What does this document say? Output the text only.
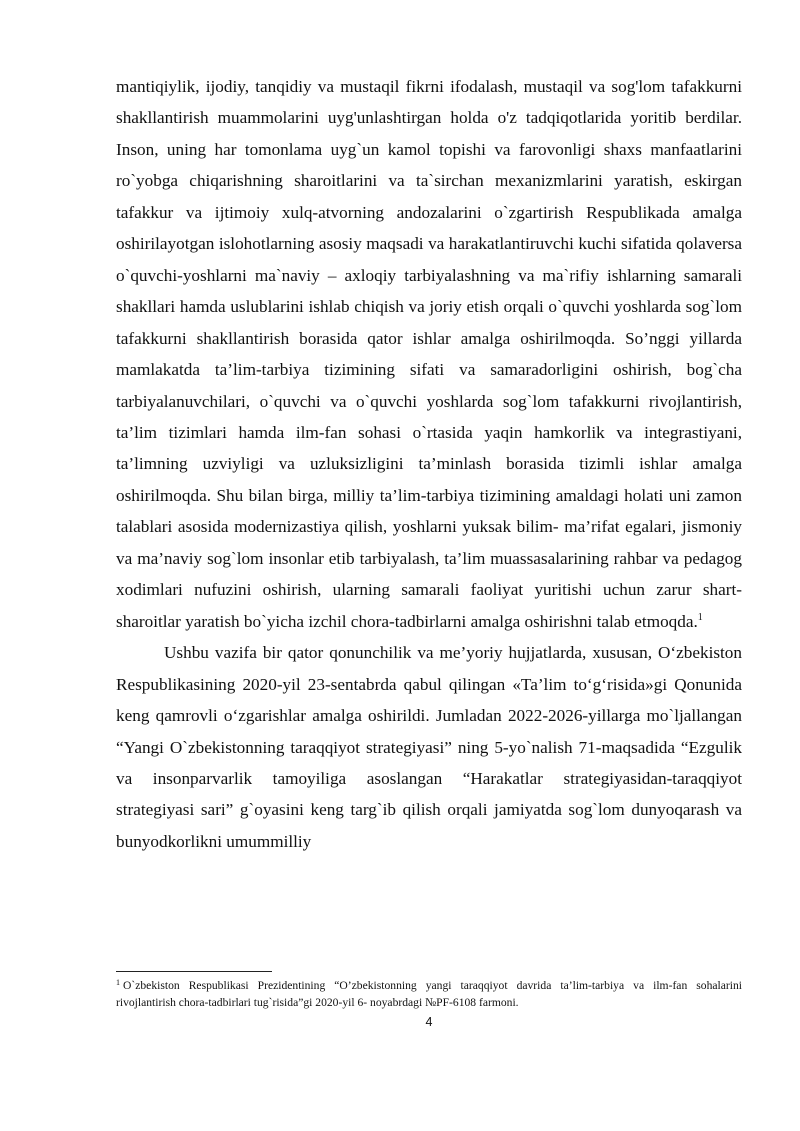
mantiqiylik, ijodiy, tanqidiy va mustaqil fikrni ifodalash, mustaqil va sog'lom tafakkurni shakllantirish muammolarini uyg'unlashtirgan holda o'z tadqiqotlarida yoritib berdilar. Inson, uning har tomonlama uyg`un kamol topishi va farovonligi shaxs manfaatlarini ro`yobga chiqarishning sharoitlarini va ta`sirchan mexanizmlarini yaratish, eskirgan tafakkur va ijtimoiy xulq-atvorning andozalarini o`zgartirish Respublikada amalga oshirilayotgan islohotlarning asosiy maqsadi va harakatlantiruvchi kuchi sifatida qolaversa o`quvchi-yoshlarni ma`naviy – axloqiy tarbiyalashning va ma`rifiy ishlarning samarali shakllari hamda uslublarini ishlab chiqish va joriy etish orqali o`quvchi yoshlarda sog`lom tafakkurni shakllantirish borasida qator ishlar amalga oshirilmoqda. So’nggi yillarda mamlakatda ta’lim-tarbiya tizimining sifati va samaradorligini oshirish, bog`cha tarbiyalanuvchilari, o`quvchi va o`quvchi yoshlarda sog`lom tafakkurni rivojlantirish, ta’lim tizimlari hamda ilm-fan sohasi o`rtasida yaqin hamkorlik va integrastiyani, ta’limning uzviyligi va uzluksizligini ta’minlash borasida tizimli ishlar amalga oshirilmoqda. Shu bilan birga, milliy ta’lim-tarbiya tizimining amaldagi holati uni zamon talablari asosida modernizastiya qilish, yoshlarni yuksak bilim- ma’rifat egalari, jismoniy va ma’naviy sog`lom insonlar etib tarbiyalash, ta’lim muassasalarining rahbar va pedagog xodimlari nufuzini oshirish, ularning samarali faoliyat yuritishi uchun zarur shart-sharoitlar yaratish bo`yicha izchil chora-tadbirlarni amalga oshirishni talab etmoqda.$^1$

Ushbu vazifa bir qator qonunchilik va me’yoriy hujjatlarda, xususan, O‘zbekiston Respublikasining 2020-yil 23-sentabrda qabul qilingan «Ta’lim to‘g‘risida»gi Qonunida keng qamrovli o‘zgarishlar amalga oshirildi. Jumladan 2022-2026-yillarga mo`ljallangan “Yangi O`zbekistonning taraqqiyot strategiyasi” ning 5-yo`nalish 71-maqsadida “Ezgulik va insonparvarlik tamoyiliga asoslangan “Harakatlar strategiyasidan-taraqqiyot strategiyasi sari” g`oyasini keng targ`ib qilish orqali jamiyatda sog`lom dunyoqarash va bunyodkorlikni umummilliy

$^1$ O`zbekiston Respublikasi Prezidentining “O’zbekistonning yangi taraqqiyot davrida ta’lim-tarbiya va ilm-fan sohalarini rivojlantirish chora-tadbirlari tug`risida”gi 2020-yil 6- noyabrdagi №PF-6108 farmoni.

4
